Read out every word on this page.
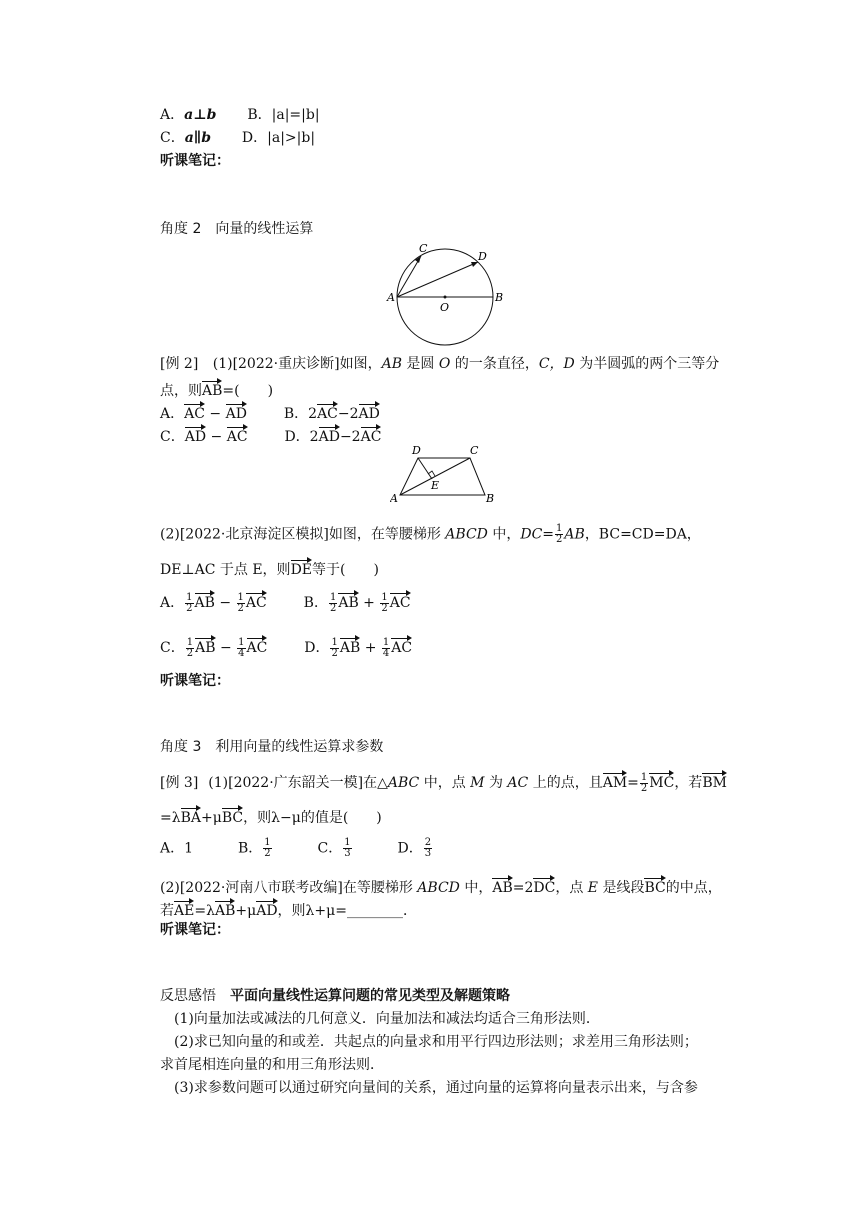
A．a⊥b B．|a|=|b|
C．a∥b D．|a|>|b|
听课笔记：
角度 2　向量的线性运算
A	B
C
D
O
[例 2] (1)[2022·重庆诊断]如图，AB 是圆 O 的一条直径，C，D 为半圆弧的两个三等分
点，则AB=(　　)
A．AC − AD	B．2AC−2AD
C．AD − AC	D．2AD−2AC
A	B
C
D
E
(2)[2022·北京海淀区模拟]如图，在等腰梯形 ABCD 中，$DC= \frac{1}{2}$ AB，BC=CD=DA，
DE⊥AC 于点 E，则DE等于(　　)
A． $\frac{1}{2}$ AB − $\frac{1}{2}$ AC	B． $\frac{1}{2}$ AB + $\frac{1}{2}$ AC
C． $\frac{1}{2}$ AB − $\frac{1}{4}$ AC	D． $\frac{1}{2}$ AB + $\frac{1}{4}$ AC
听课笔记：
角度 3　利用向量的线性运算求参数
[例 3] (1)[2022·广东韶关一模]在△ABC 中，点 M 为 AC 上的点，且$AM= \frac{1}{2}$ MC，若BM
=λBA+μBC，则λ−μ的值是(　　)
A．1	B． $\frac{1}{2}$	C． $\frac{1}{3}$	D． $\frac{2}{3}$
(2)[2022·河南八市联考改编]在等腰梯形 ABCD 中，AB=2DC，点 E 是线段BC的中点，
若AE=λAB+μAD，则λ+μ=________．
听课笔记：
反思感悟 平面向量线性运算问题的常见类型及解题策略
(1)向量加法或减法的几何意义．向量加法和减法均适合三角形法则．
(2)求已知向量的和或差．共起点的向量求和用平行四边形法则；求差用三角形法则；
求首尾相连向量的和用三角形法则．
(3)求参数问题可以通过研究向量间的关系，通过向量的运算将向量表示出来，与含参
